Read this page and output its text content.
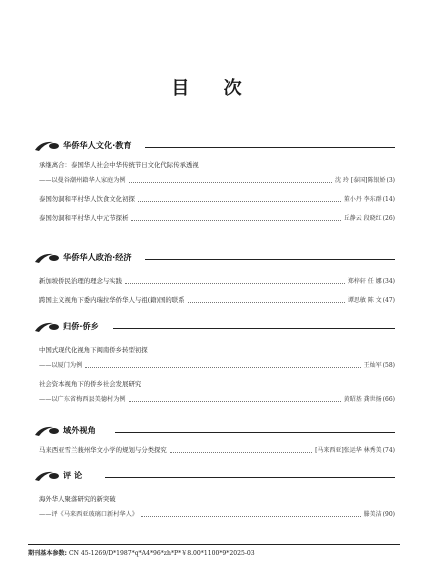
目 次
华侨华人文化·教育
承继离合：泰国华人社会中华传统节日文化代际传承透视
——以曼谷潮州籍华人家庭为例	沈 玲 [泰国]陈银娇 (3)
泰国勿洞和平村华人饮食文化初探	董小丹 李东群 (14)
泰国勿洞和平村华人中元节探析	丘静云 段晓红 (26)
华侨华人政治·经济
新加坡侨民治理的理念与实践	郑梓轩 任 娜 (34)
跨国主义视角下委内瑞拉华侨华人与祖(籍)国的联系	谭思敏 陈 文 (47)
归侨·侨乡
中国式现代化视角下闽南侨乡转型初探
——以厦门为例	王灿军 (58)
社会资本视角下的侨乡社会发展研究
——以广东省梅西县美德村为例	黄昭基 龚世扬 (66)
域外视角
马来西亚雪兰莪州华文小学的规划与分类探究	[马来西亚]张运华 林秀美 (74)
评 论
海外华人聚落研究的新突破
——评《马来西亚玻璃口新村华人》	滕美洁 (90)
期刊基本参数: CN 45-1269/D*1987*q*A4*96*zh*P*￥8.00*1100*9*2025-03
